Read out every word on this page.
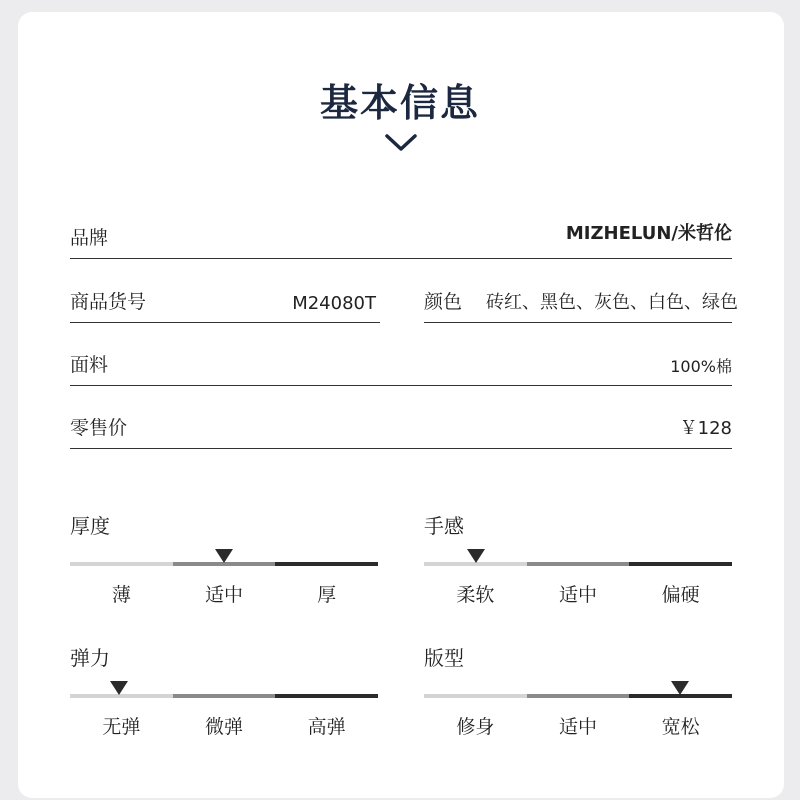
基本信息
品牌	MIZHELUN/米哲伦
商品货号	M24080T	颜色 砖红、黑色、灰色、白色、绿色
面料	100%棉
零售价	￥128
厚度
薄	适中	厚
手感
柔软	适中	偏硬
弹力
无弹	微弹	高弹
版型
修身	适中	宽松
